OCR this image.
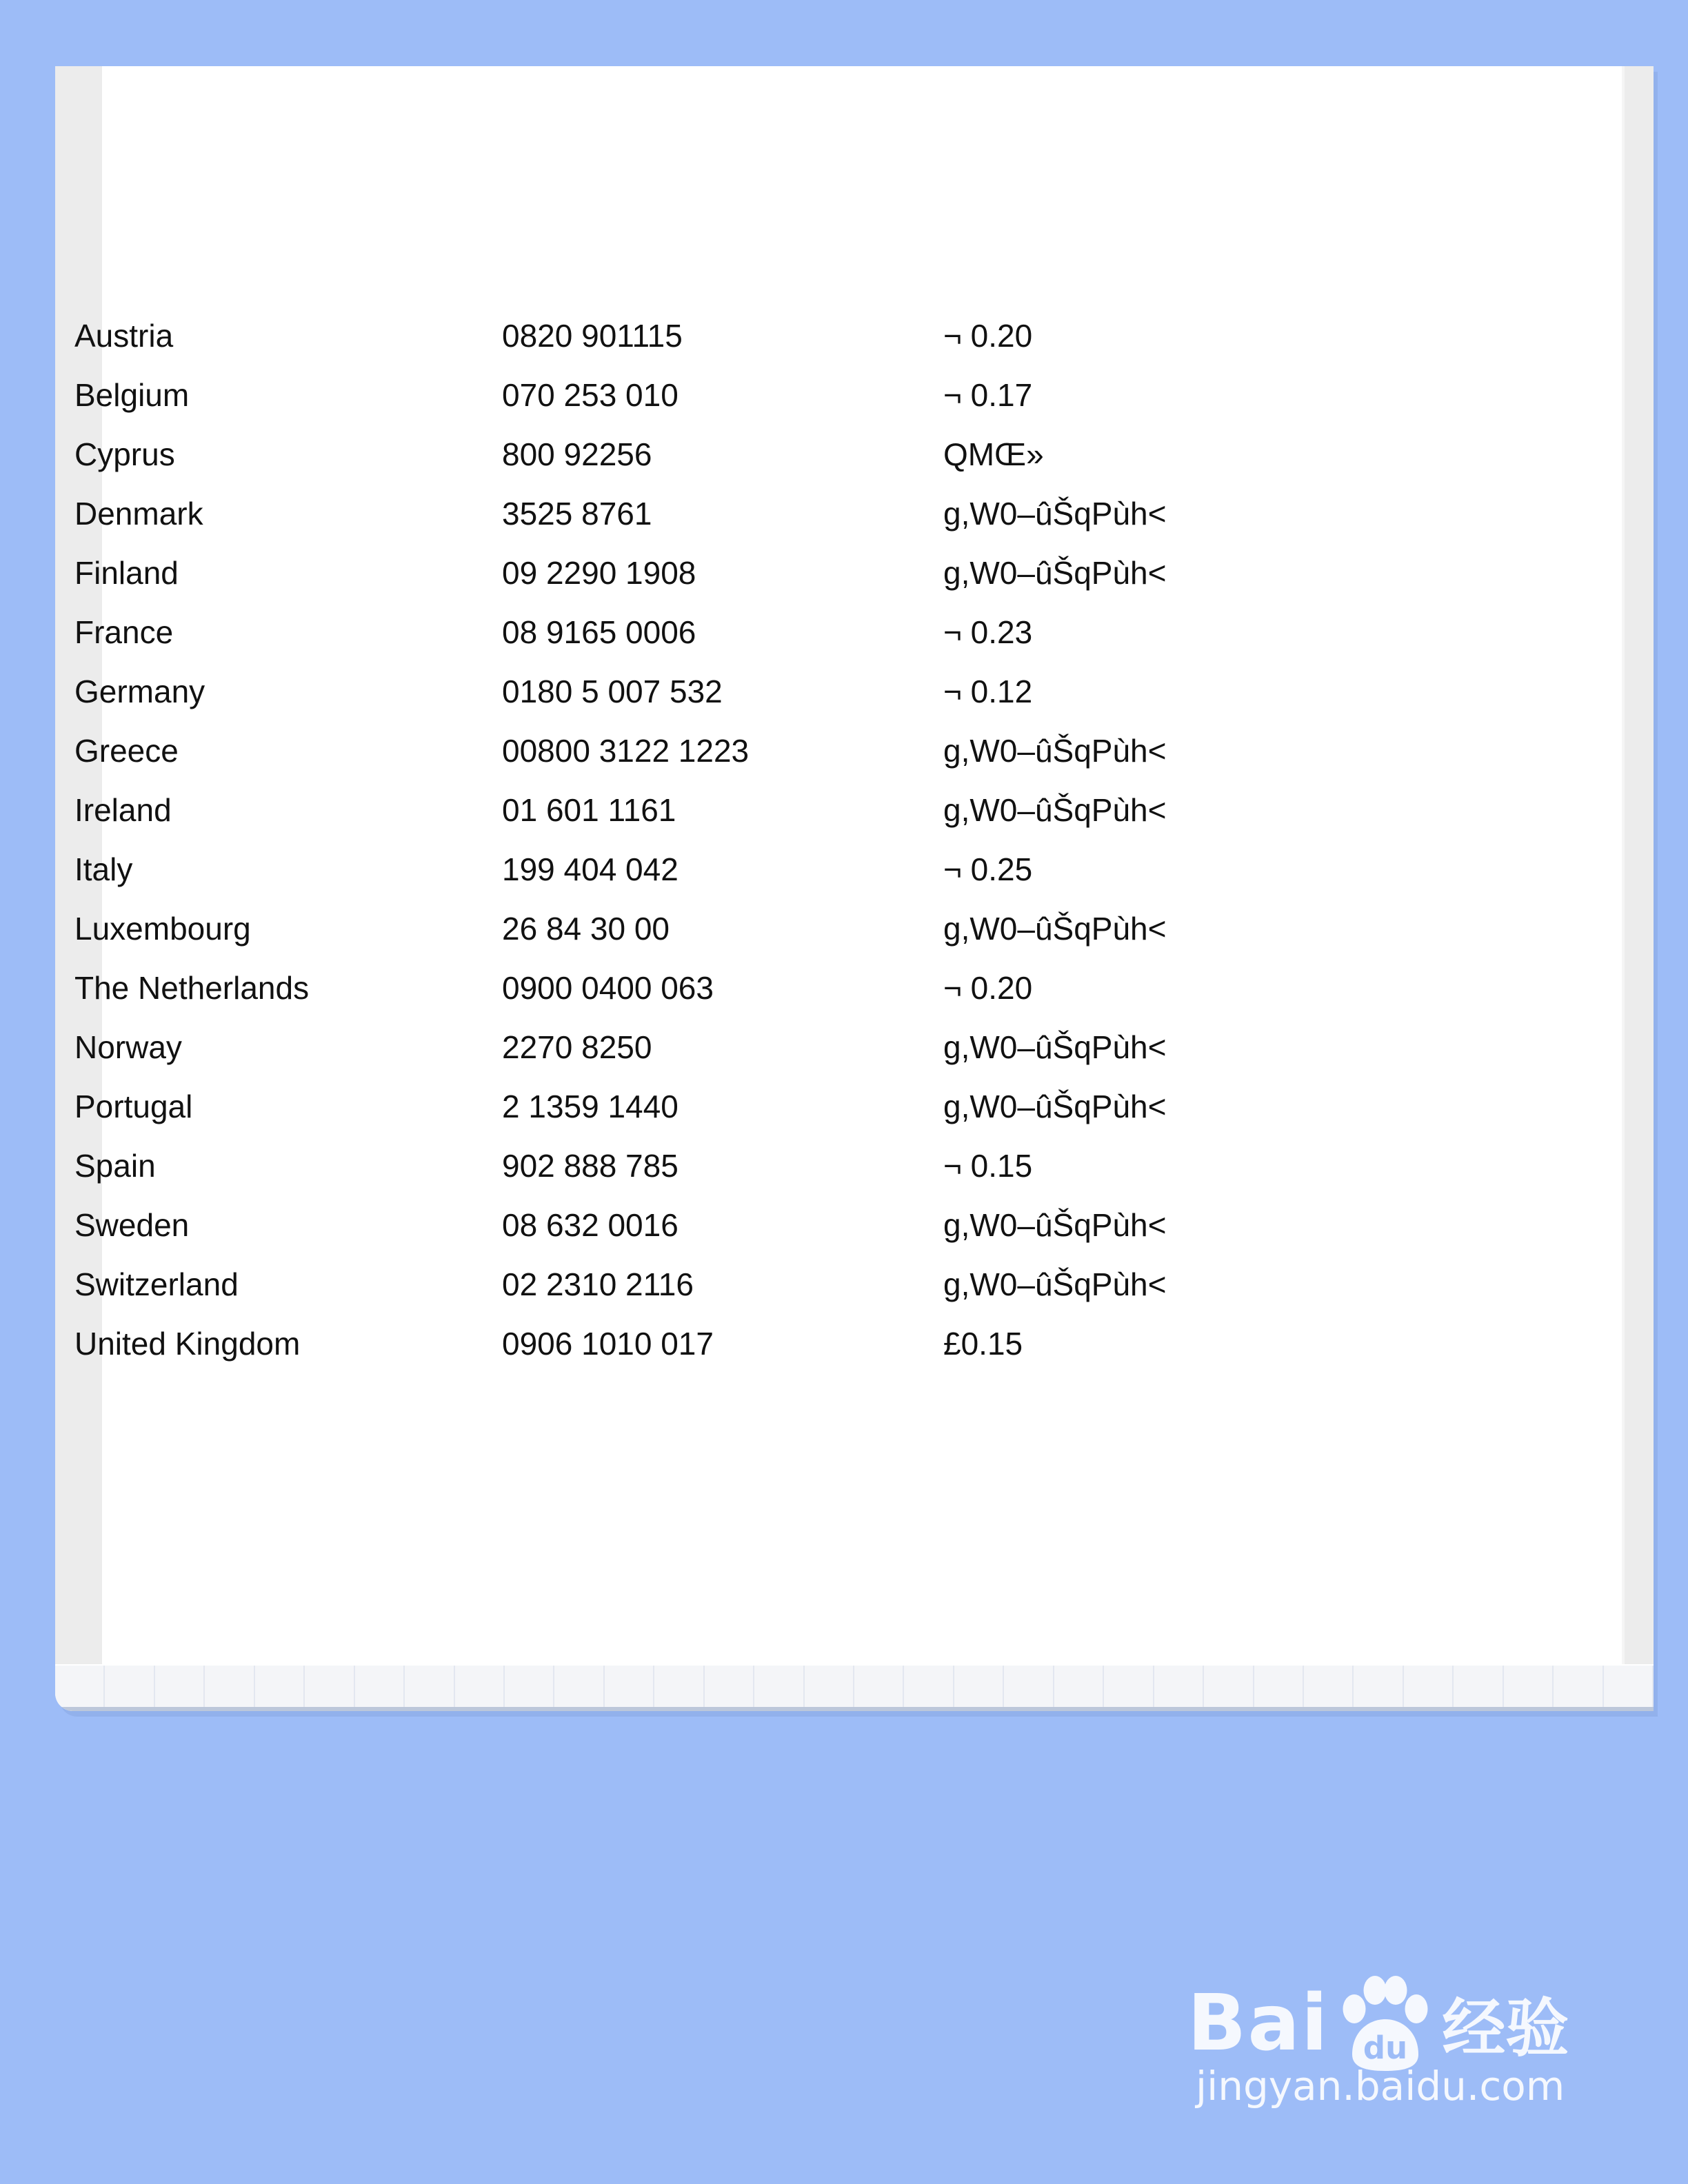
Austria	0820 901115	¬ 0.20
Belgium	070 253 010	¬ 0.17
Cyprus	800 92256	QMŒ»
Denmark	3525 8761	g,W0–ûŠqPùh<
Finland	09 2290 1908	g,W0–ûŠqPùh<
France	08 9165 0006	¬ 0.23
Germany	0180 5 007 532	¬ 0.12
Greece	00800 3122 1223	g,W0–ûŠqPùh<
Ireland	01 601 1161	g,W0–ûŠqPùh<
Italy	199 404 042	¬ 0.25
Luxembourg	26 84 30 00	g,W0–ûŠqPùh<
The Netherlands	0900 0400 063	¬ 0.20
Norway	2270 8250	g,W0–ûŠqPùh<
Portugal	2 1359 1440	g,W0–ûŠqPùh<
Spain	902 888 785	¬ 0.15
Sweden	08 632 0016	g,W0–ûŠqPùh<
Switzerland	02 2310 2116	g,W0–ûŠqPùh<
United Kingdom	0906 1010 017	£0.15
Bai du 经验
jingyan.baidu.com
